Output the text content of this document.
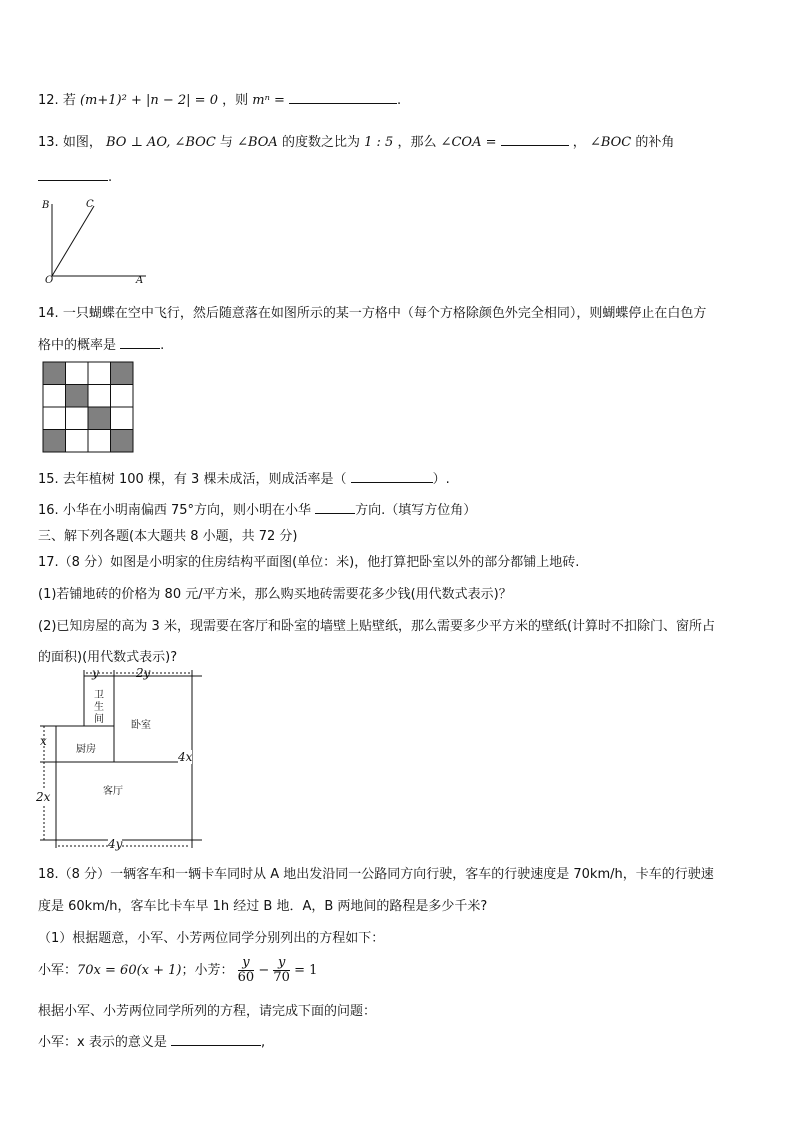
12. 若 (m+1)² + |n − 2| = 0 ，则 mⁿ =	.
13. 如图， BO ⊥ AO, ∠BOC 与 ∠BOA 的度数之比为 1 : 5 ，那么 ∠COA =	， ∠BOC 的补角
.
B	C
O	A
14. 一只蝴蝶在空中飞行，然后随意落在如图所示的某一方格中（每个方格除颜色外完全相同），则蝴蝶停止在白色方
格中的概率是	.
15. 去年植树 100 棵，有 3 棵未成活，则成活率是（	）.
16. 小华在小明南偏西 75°方向，则小明在小华	方向.（填写方位角）
三、解下列各题(本大题共 8 小题，共 72 分)
17.（8 分）如图是小明家的住房结构平面图(单位：米)，他打算把卧室以外的部分都铺上地砖.
(1)若铺地砖的价格为 80 元/平方米，那么购买地砖需要花多少钱(用代数式表示)？
(2)已知房屋的高为 3 米，现需要在客厅和卧室的墙壁上贴壁纸，那么需要多少平方米的壁纸(计算时不扣除门、窗所占
的面积)(用代数式表示)?
y	2y
卫
生
间
卧室
厨房
客厅
x
2x
4x
4y
18.（8 分）一辆客车和一辆卡车同时从 A 地出发沿同一公路同方向行驶，客车的行驶速度是 70km/h，卡车的行驶速
度是 60km/h，客车比卡车早 1h 经过 B 地．A，B 两地间的路程是多少千米?
（1）根据题意，小军、小芳两位同学分别列出的方程如下：
小军：70x = 60(x + 1)；小芳： $\frac{y}{60} - \frac{y}{70} = 1$
根据小军、小芳两位同学所列的方程，请完成下面的问题：
小军：x 表示的意义是	,
